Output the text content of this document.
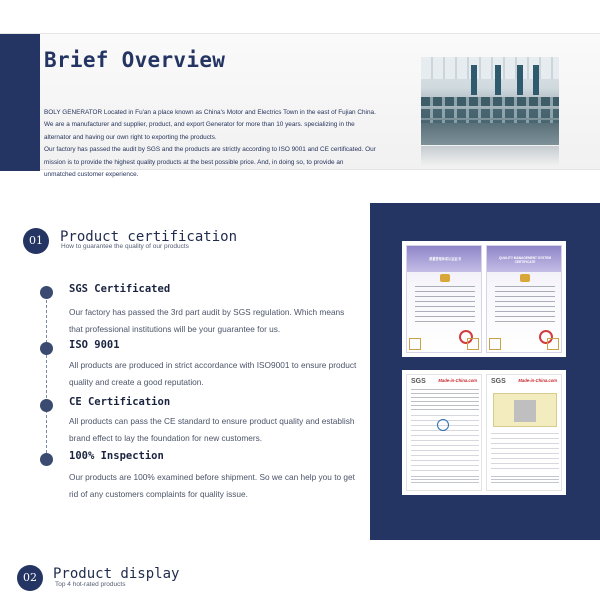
Brief Overview

BOLY GENERATOR Located in Fu'an a place known as China's Motor and Electrics Town in the east of Fujian China.

We are a manufacturer and supplier, product, and export Generator for more than 10 years. specializing in the

alternator and having our own right to exporting the products.

Our factory has passed the audit by SGS and the products are strictly according to ISO 9001 and CE certificated. Our

mission is to provide the highest quality products at the best possible price. And, in doing so, to provide an

unmatched customer experience.

01	Product certification
How to guarantee the quality of our products
SGS Certificated
Our factory has passed the 3rd part audit by SGS regulation. Which means that professional institutions will be your guarantee for us.
ISO 9001
All products are produced in strict accordance with ISO9001 to ensure product quality and create a good reputation.
CE Certification
All products can pass the CE standard to ensure product quality and establish brand effect to lay the foundation for new customers.
100% Inspection
Our products are 100% examined before shipment. So we can help you to get rid of any customers complaints for quality issue.
质量管理体系认证证书	QUALITY MANAGEMENT SYSTEM CERTIFICATE
SGS	Made-in-China.com SGS	Made-in-China.com
02	Product display
Top 4 hot-rated products
